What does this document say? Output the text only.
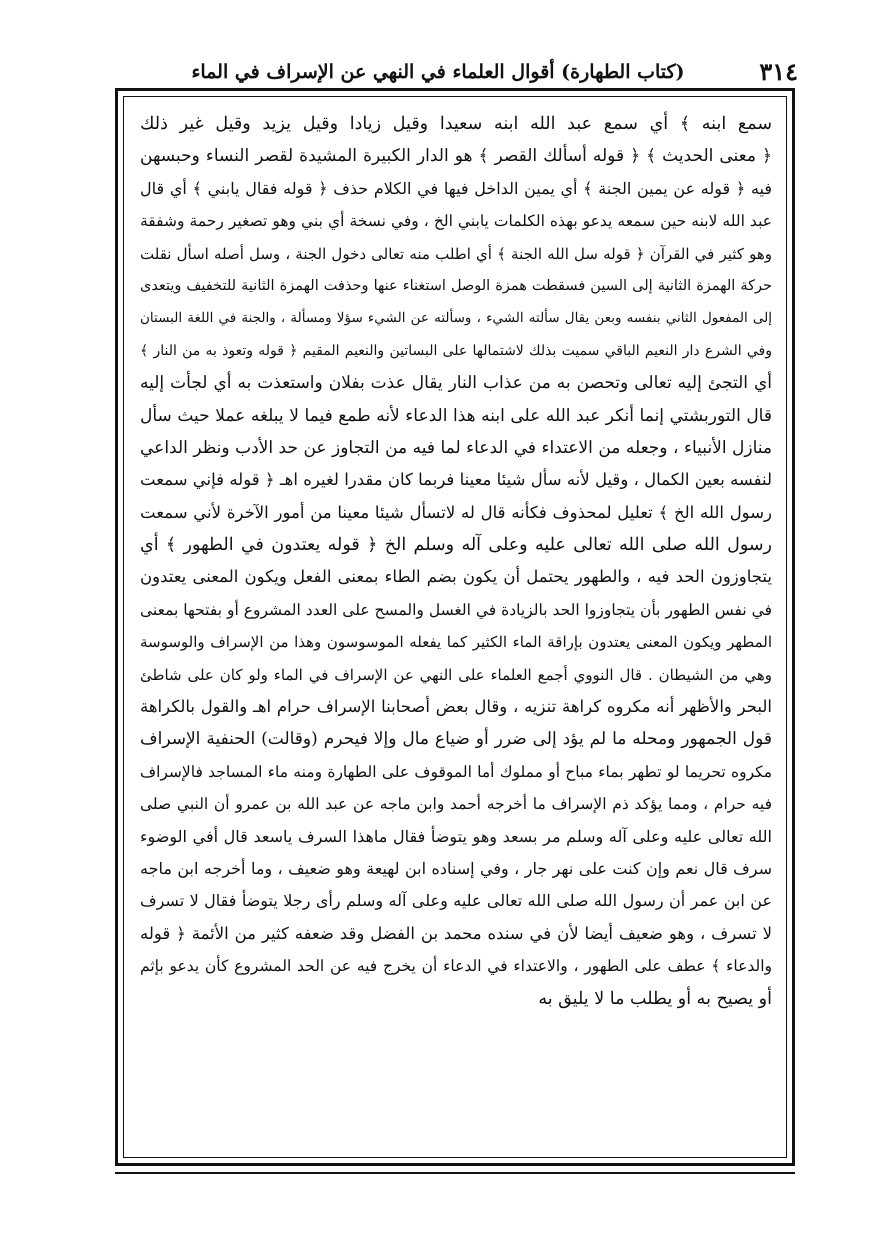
٣١٤
(كتاب الطهارة) أقوال العلماء في النهي عن الإسراف في الماء
سمع ابنه ﴾ أي سمع عبد الله ابنه سعيدا وقيل زيادا وقيل يزيد وقيل غير ذلك
﴿ معنى الحديث ﴾ ﴿ قوله أسألك القصر ﴾ هو الدار الكبيرة المشيدة لقصر النساء وحبسهن
فيه ﴿ قوله عن يمين الجنة ﴾ أي يمين الداخل فيها في الكلام حذف ﴿ قوله فقال يابني ﴾ أي قال
عبد الله لابنه حين سمعه يدعو بهذه الكلمات يابني الخ ، وفي نسخة أي بني وهو تصغير رحمة وشفقة
وهو كثير في القرآن ﴿ قوله سل الله الجنة ﴾ أي اطلب منه تعالى دخول الجنة ، وسل أصله اسأل نقلت
حركة الهمزة الثانية إلى السين فسقطت همزة الوصل استغناء عنها وحذفت الهمزة الثانية للتخفيف ويتعدى
إلى المفعول الثاني بنفسه وبعن يقال سألته الشيء ، وسألته عن الشيء سؤلا ومسألة ، والجنة في اللغة البستان
وفي الشرع دار النعيم الباقي سميت بذلك لاشتمالها على البساتين والنعيم المقيم ﴿ قوله وتعوذ به من النار ﴾
أي التجئ إليه تعالى وتحصن به من عذاب النار يقال عذت بفلان واستعذت به أي لجأت إليه
قال التوربشتي إنما أنكر عبد الله على ابنه هذا الدعاء لأنه طمع فيما لا يبلغه عملا حيث سأل
منازل الأنبياء ، وجعله من الاعتداء في الدعاء لما فيه من التجاوز عن حد الأدب ونظر الداعي
لنفسه بعين الكمال ، وقيل لأنه سأل شيئا معينا فربما كان مقدرا لغيره اهـ ﴿ قوله فإني سمعت
رسول الله الخ ﴾ تعليل لمحذوف فكأنه قال له لاتسأل شيئا معينا من أمور الآخرة لأني سمعت
رسول الله صلى الله تعالى عليه وعلى آله وسلم الخ ﴿ قوله يعتدون في الطهور ﴾ أي
يتجاوزون الحد فيه ، والطهور يحتمل أن يكون بضم الطاء بمعنى الفعل ويكون المعنى يعتدون
في نفس الطهور بأن يتجاوزوا الحد بالزيادة في الغسل والمسح على العدد المشروع أو بفتحها بمعنى
المطهر ويكون المعنى يعتدون بإراقة الماء الكثير كما يفعله الموسوسون وهذا من الإسراف والوسوسة
وهي من الشيطان . قال النووي أجمع العلماء على النهي عن الإسراف في الماء ولو كان على شاطئ
البحر والأظهر أنه مكروه كراهة تنزيه ، وقال بعض أصحابنا الإسراف حرام اهـ والقول بالكراهة
قول الجمهور ومحله ما لم يؤد إلى ضرر أو ضياع مال وإلا فيحرم (وقالت) الحنفية الإسراف
مكروه تحريما لو تطهر بماء مباح أو مملوك أما الموقوف على الطهارة ومنه ماء المساجد فالإسراف
فيه حرام ، ومما يؤكد ذم الإسراف ما أخرجه أحمد وابن ماجه عن عبد الله بن عمرو أن النبي صلى
الله تعالى عليه وعلى آله وسلم مر بسعد وهو يتوضأ فقال ماهذا السرف ياسعد قال أفي الوضوء
سرف قال نعم وإن كنت على نهر جار ، وفي إسناده ابن لهيعة وهو ضعيف ، وما أخرجه ابن ماجه
عن ابن عمر أن رسول الله صلى الله تعالى عليه وعلى آله وسلم رأى رجلا يتوضأ فقال لا تسرف
لا تسرف ، وهو ضعيف أيضا لأن في سنده محمد بن الفضل وقد ضعفه كثير من الأئمة ﴿ قوله
والدعاء ﴾ عطف على الطهور ، والاعتداء في الدعاء أن يخرج فيه عن الحد المشروع كأن يدعو بإثم
أو يصيح به أو يطلب ما لا يليق به
